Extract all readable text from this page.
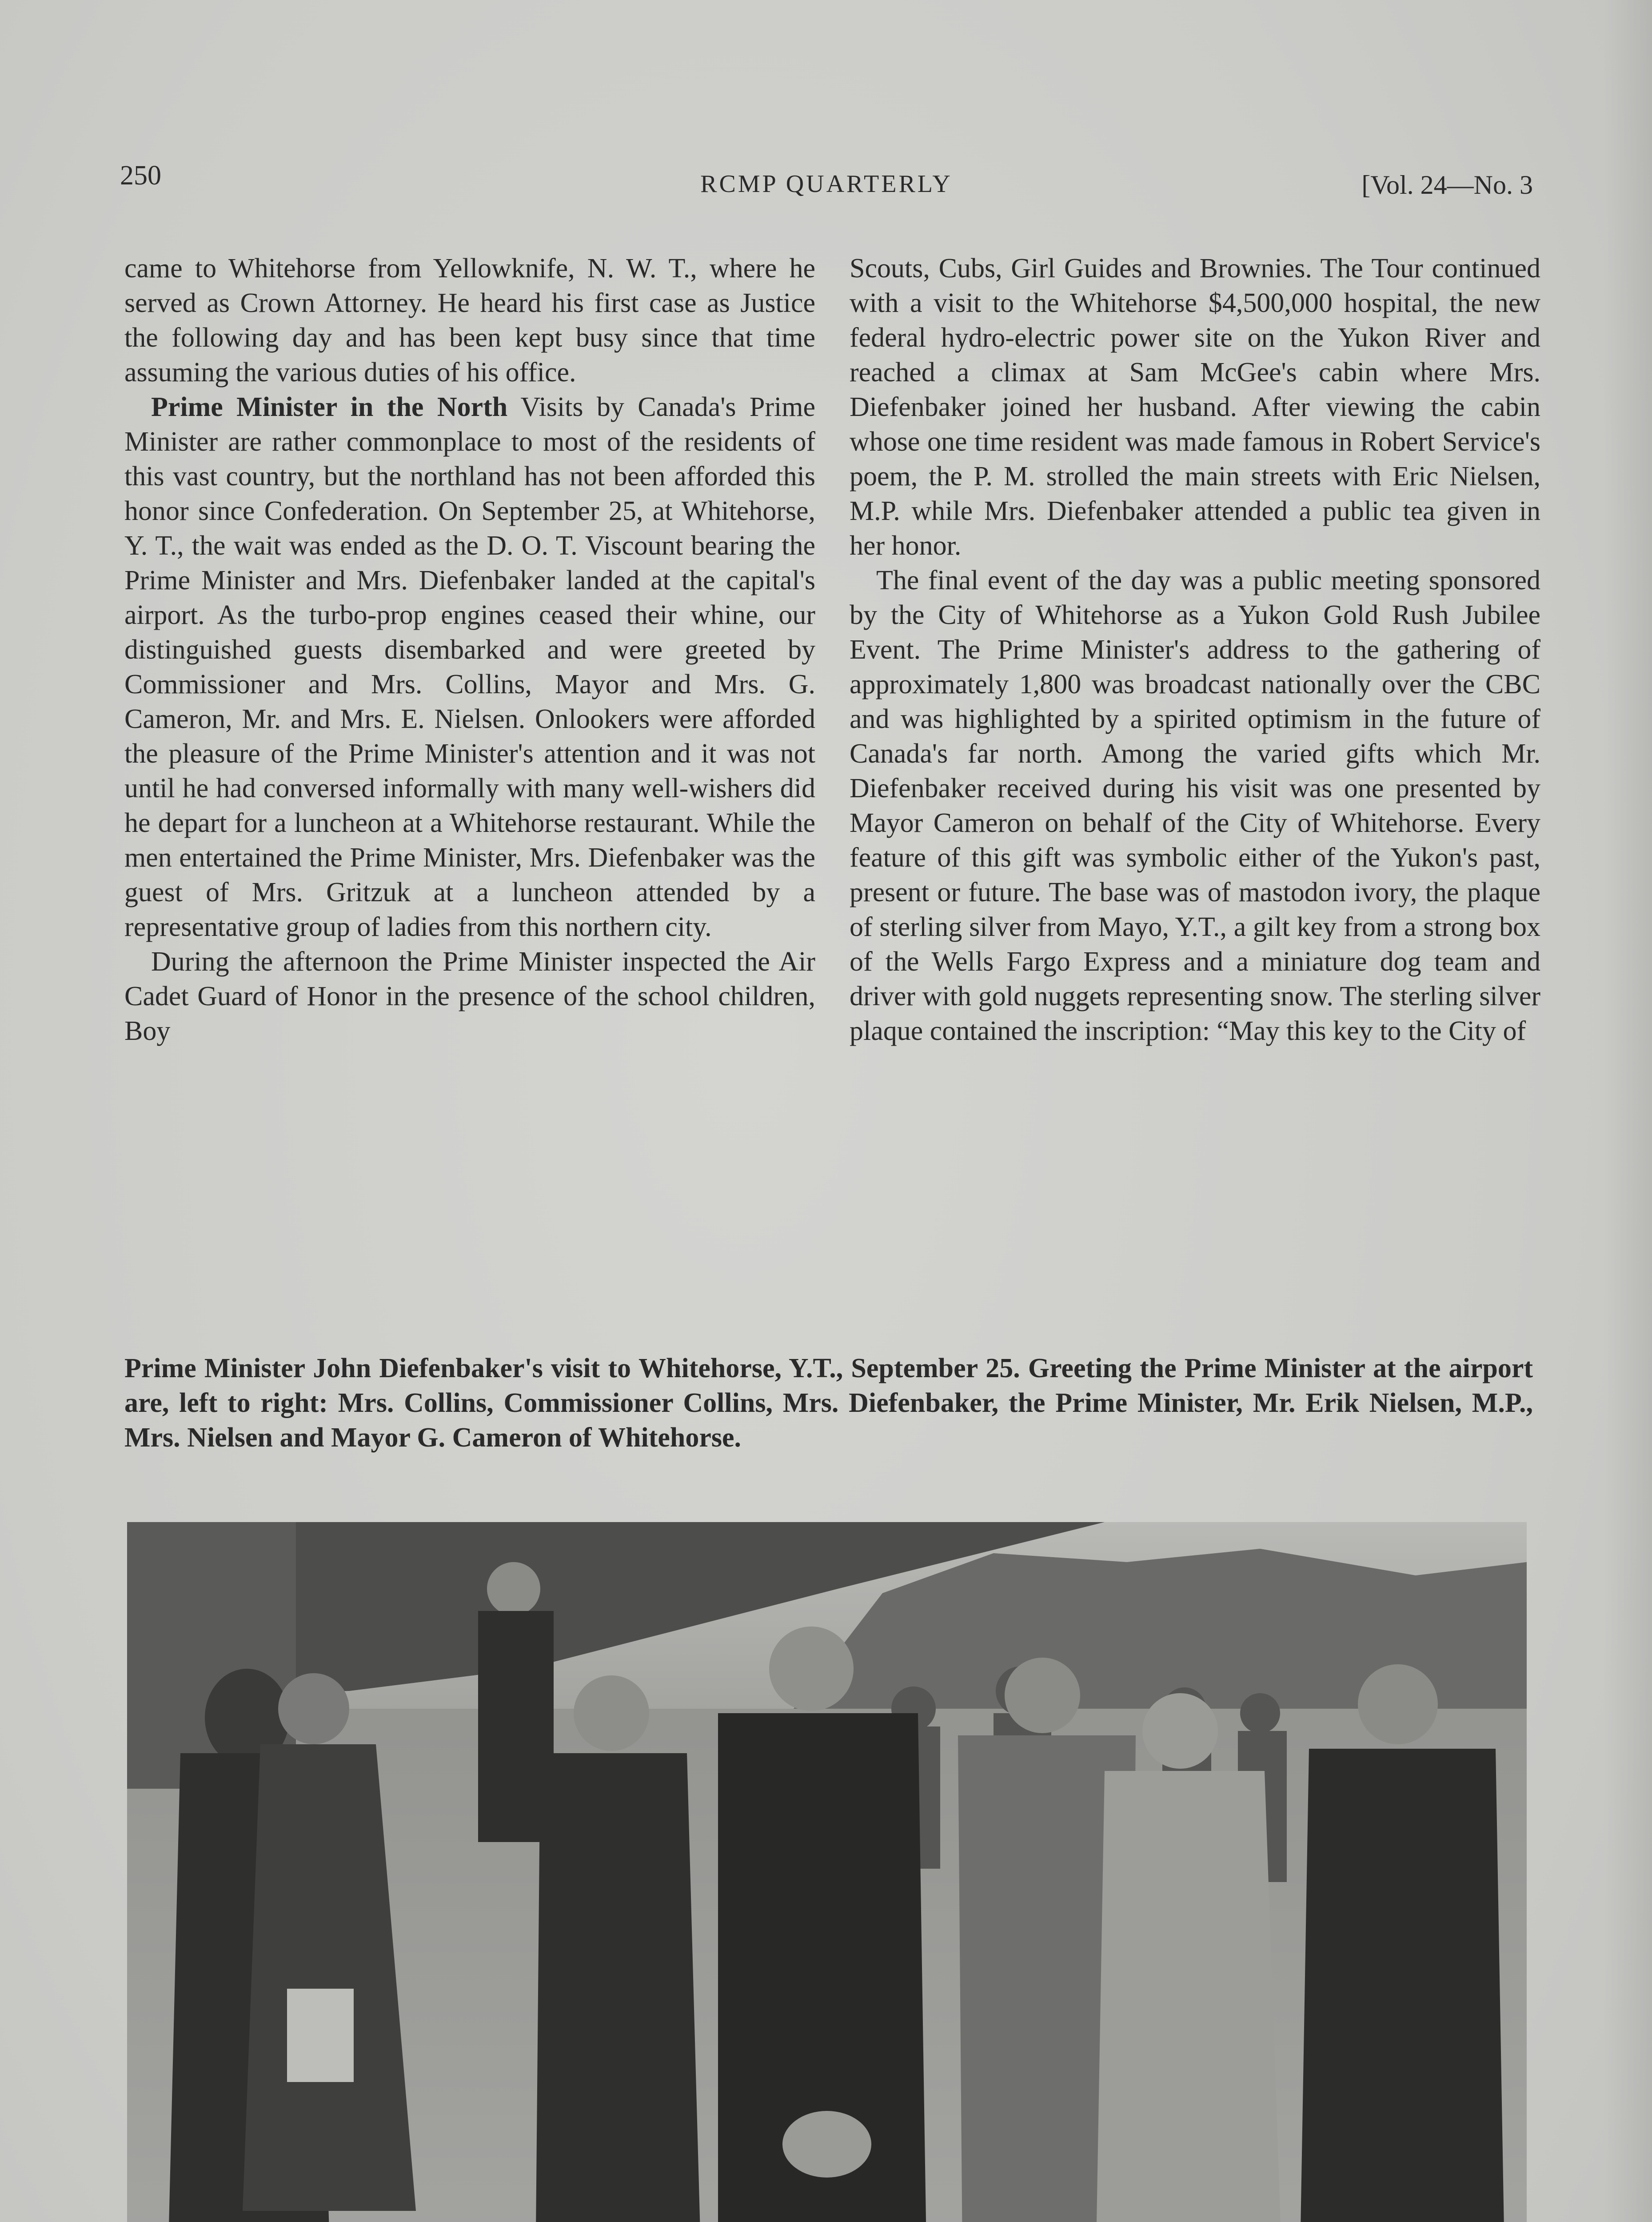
250	RCMP QUARTERLY	[Vol. 24—No. 3

came to Whitehorse from Yellowknife, N. W. T., where he served as Crown Attorney. He heard his first case as Justice the following day and has been kept busy since that time assuming the various duties of his office.

Prime Minister in the North Visits by Canada's Prime Minister are rather commonplace to most of the residents of this vast country, but the northland has not been afforded this honor since Confederation. On September 25, at Whitehorse, Y. T., the wait was ended as the D. O. T. Viscount bearing the Prime Minister and Mrs. Diefenbaker landed at the capital's airport. As the turbo-prop engines ceased their whine, our distinguished guests disembarked and were greeted by Commissioner and Mrs. Collins, Mayor and Mrs. G. Cameron, Mr. and Mrs. E. Nielsen. Onlookers were afforded the pleasure of the Prime Minister's attention and it was not until he had conversed informally with many well-wishers did he depart for a luncheon at a Whitehorse restaurant. While the men entertained the Prime Minister, Mrs. Diefenbaker was the guest of Mrs. Gritzuk at a luncheon attended by a representative group of ladies from this northern city.

During the afternoon the Prime Minister inspected the Air Cadet Guard of Honor in the presence of the school children, Boy

Scouts, Cubs, Girl Guides and Brownies. The Tour continued with a visit to the Whitehorse $4,500,000 hospital, the new federal hydro-electric power site on the Yukon River and reached a climax at Sam McGee's cabin where Mrs. Diefenbaker joined her husband. After viewing the cabin whose one time resident was made famous in Robert Service's poem, the P. M. strolled the main streets with Eric Nielsen, M.P. while Mrs. Diefenbaker attended a public tea given in her honor.

The final event of the day was a public meeting sponsored by the City of Whitehorse as a Yukon Gold Rush Jubilee Event. The Prime Minister's address to the gathering of approximately 1,800 was broadcast nationally over the CBC and was highlighted by a spirited optimism in the future of Canada's far north. Among the varied gifts which Mr. Diefenbaker received during his visit was one presented by Mayor Cameron on behalf of the City of Whitehorse. Every feature of this gift was symbolic either of the Yukon's past, present or future. The base was of mastodon ivory, the plaque of sterling silver from Mayo, Y.T., a gilt key from a strong box of the Wells Fargo Express and a miniature dog team and driver with gold nuggets representing snow. The sterling silver plaque contained the inscription: “May this key to the City of

Prime Minister John Diefenbaker's visit to Whitehorse, Y.T., September 25. Greeting the Prime Minister at the airport are, left to right: Mrs. Collins, Commissioner Collins, Mrs. Diefenbaker, the Prime Minister, Mr. Erik Nielsen, M.P., Mrs. Nielsen and Mayor G. Cameron of Whitehorse.
